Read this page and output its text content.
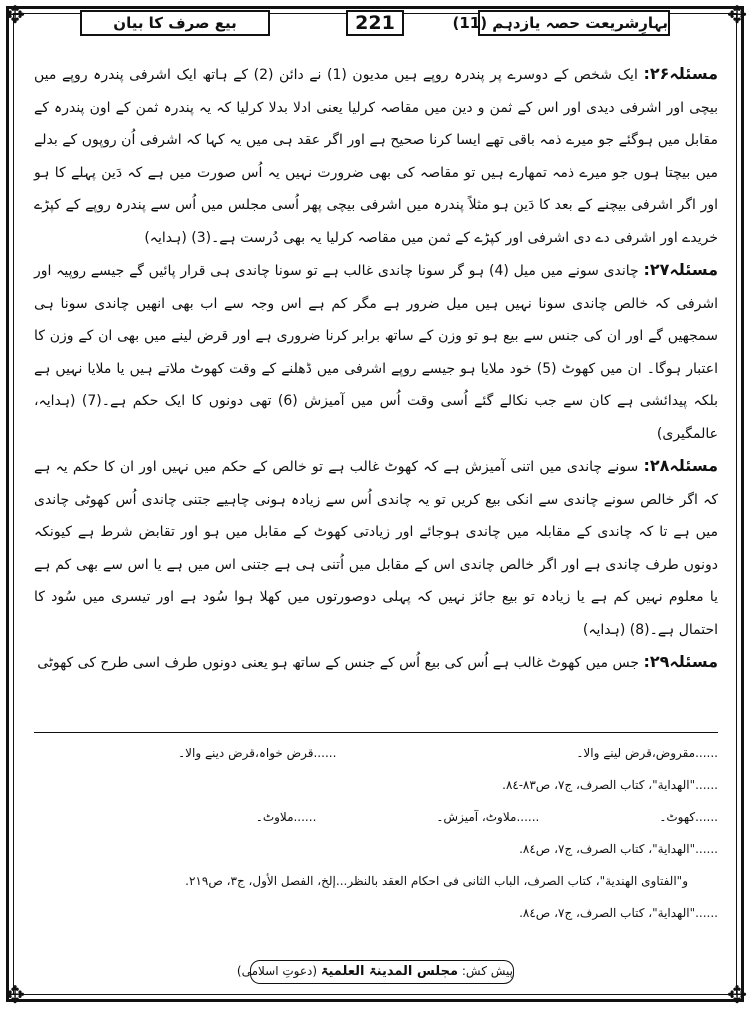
✥	✥
✥	✥
بیع صرف کا بیان	221	بہارِشریعت حصہ یازدہم (11)

مسئلہ۲۶: ایک شخص کے دوسرے پر پندرہ روپے ہیں مدیون (1) نے دائن (2) کے ہاتھ ایک اشرفی پندرہ روپے میں بیچی اور اشرفی دیدی اور اس کے ثمن و دین میں مقاصہ کرلیا یعنی ادلا بدلا کرلیا کہ یہ پندرہ ثمن کے اون پندرہ کے مقابل میں ہوگئے جو میرے ذمہ باقی تھے ایسا کرنا صحیح ہے اور اگر عقد ہی میں یہ کہا کہ اشرفی اُن روپوں کے بدلے میں بیچتا ہوں جو میرے ذمہ تمھارے ہیں تو مقاصہ کی بھی ضرورت نہیں یہ اُس صورت میں ہے کہ دَین پہلے کا ہو اور اگر اشرفی بیچنے کے بعد کا دَین ہو مثلاً پندرہ میں اشرفی بیچی پھر اُسی مجلس میں اُس سے پندرہ روپے کے کپڑے خریدے اور اشرفی دے دی اشرفی اور کپڑے کے ثمن میں مقاصہ کرلیا یہ بھی دُرست ہے۔(3) (ہدایہ)

مسئلہ۲۷: چاندی سونے میں میل (4) ہو گر سونا چاندی غالب ہے تو سونا چاندی ہی قرار پائیں گے جیسے روپیہ اور اشرفی کہ خالص چاندی سونا نہیں ہیں میل ضرور ہے مگر کم ہے اس وجہ سے اب بھی انھیں چاندی سونا ہی سمجھیں گے اور ان کی جنس سے بیع ہو تو وزن کے ساتھ برابر کرنا ضروری ہے اور قرض لینے میں بھی ان کے وزن کا اعتبار ہوگا۔ ان میں کھوٹ (5) خود ملایا ہو جیسے روپے اشرفی میں ڈھلنے کے وقت کھوٹ ملاتے ہیں یا ملایا نہیں ہے بلکہ پیدائشی ہے کان سے جب نکالے گئے اُسی وقت اُس میں آمیزش (6) تھی دونوں کا ایک حکم ہے۔(7) (ہدایہ، عالمگیری)

مسئلہ۲۸: سونے چاندی میں اتنی آمیزش ہے کہ کھوٹ غالب ہے تو خالص کے حکم میں نہیں اور ان کا حکم یہ ہے کہ اگر خالص سونے چاندی سے انکی بیع کریں تو یہ چاندی اُس سے زیادہ ہونی چاہیے جتنی چاندی اُس کھوٹی چاندی میں ہے تا کہ چاندی کے مقابلہ میں چاندی ہوجائے اور زیادتی کھوٹ کے مقابل میں ہو اور تقابض شرط ہے کیونکہ دونوں طرف چاندی ہے اور اگر خالص چاندی اس کے مقابل میں اُتنی ہی ہے جتنی اس میں ہے یا اس سے بھی کم ہے یا معلوم نہیں کم ہے یا زیادہ تو بیع جائز نہیں کہ پہلی دوصورتوں میں کھلا ہوا سُود ہے اور تیسری میں سُود کا احتمال ہے۔(8) (ہدایہ)

مسئلہ۲۹: جس میں کھوٹ غالب ہے اُس کی بیع اُس کے جنس کے ساتھ ہو یعنی دونوں طرف اسی طرح کی کھوٹی

......مقروض،قرض لینے والا۔
......قرض خواہ،قرض دینے والا۔
......"الهداية"، كتاب الصرف، ج٧، ص٨٣-٨٤.
......کھوٹ۔
......ملاوٹ، آمیزش۔
......ملاوٹ۔
......"الهداية"، كتاب الصرف، ج٧، ص٨٤.
و"الفتاوى الهندية"، كتاب الصرف، الباب الثانی فی احكام العقد بالنظر...إلخ، الفصل الأول، ج٣، ص٢١٩.
......"الهداية"، كتاب الصرف، ج٧، ص٨٤.
پیش کش: مجلس المدینۃ العلمیۃ (دعوتِ اسلامی)
